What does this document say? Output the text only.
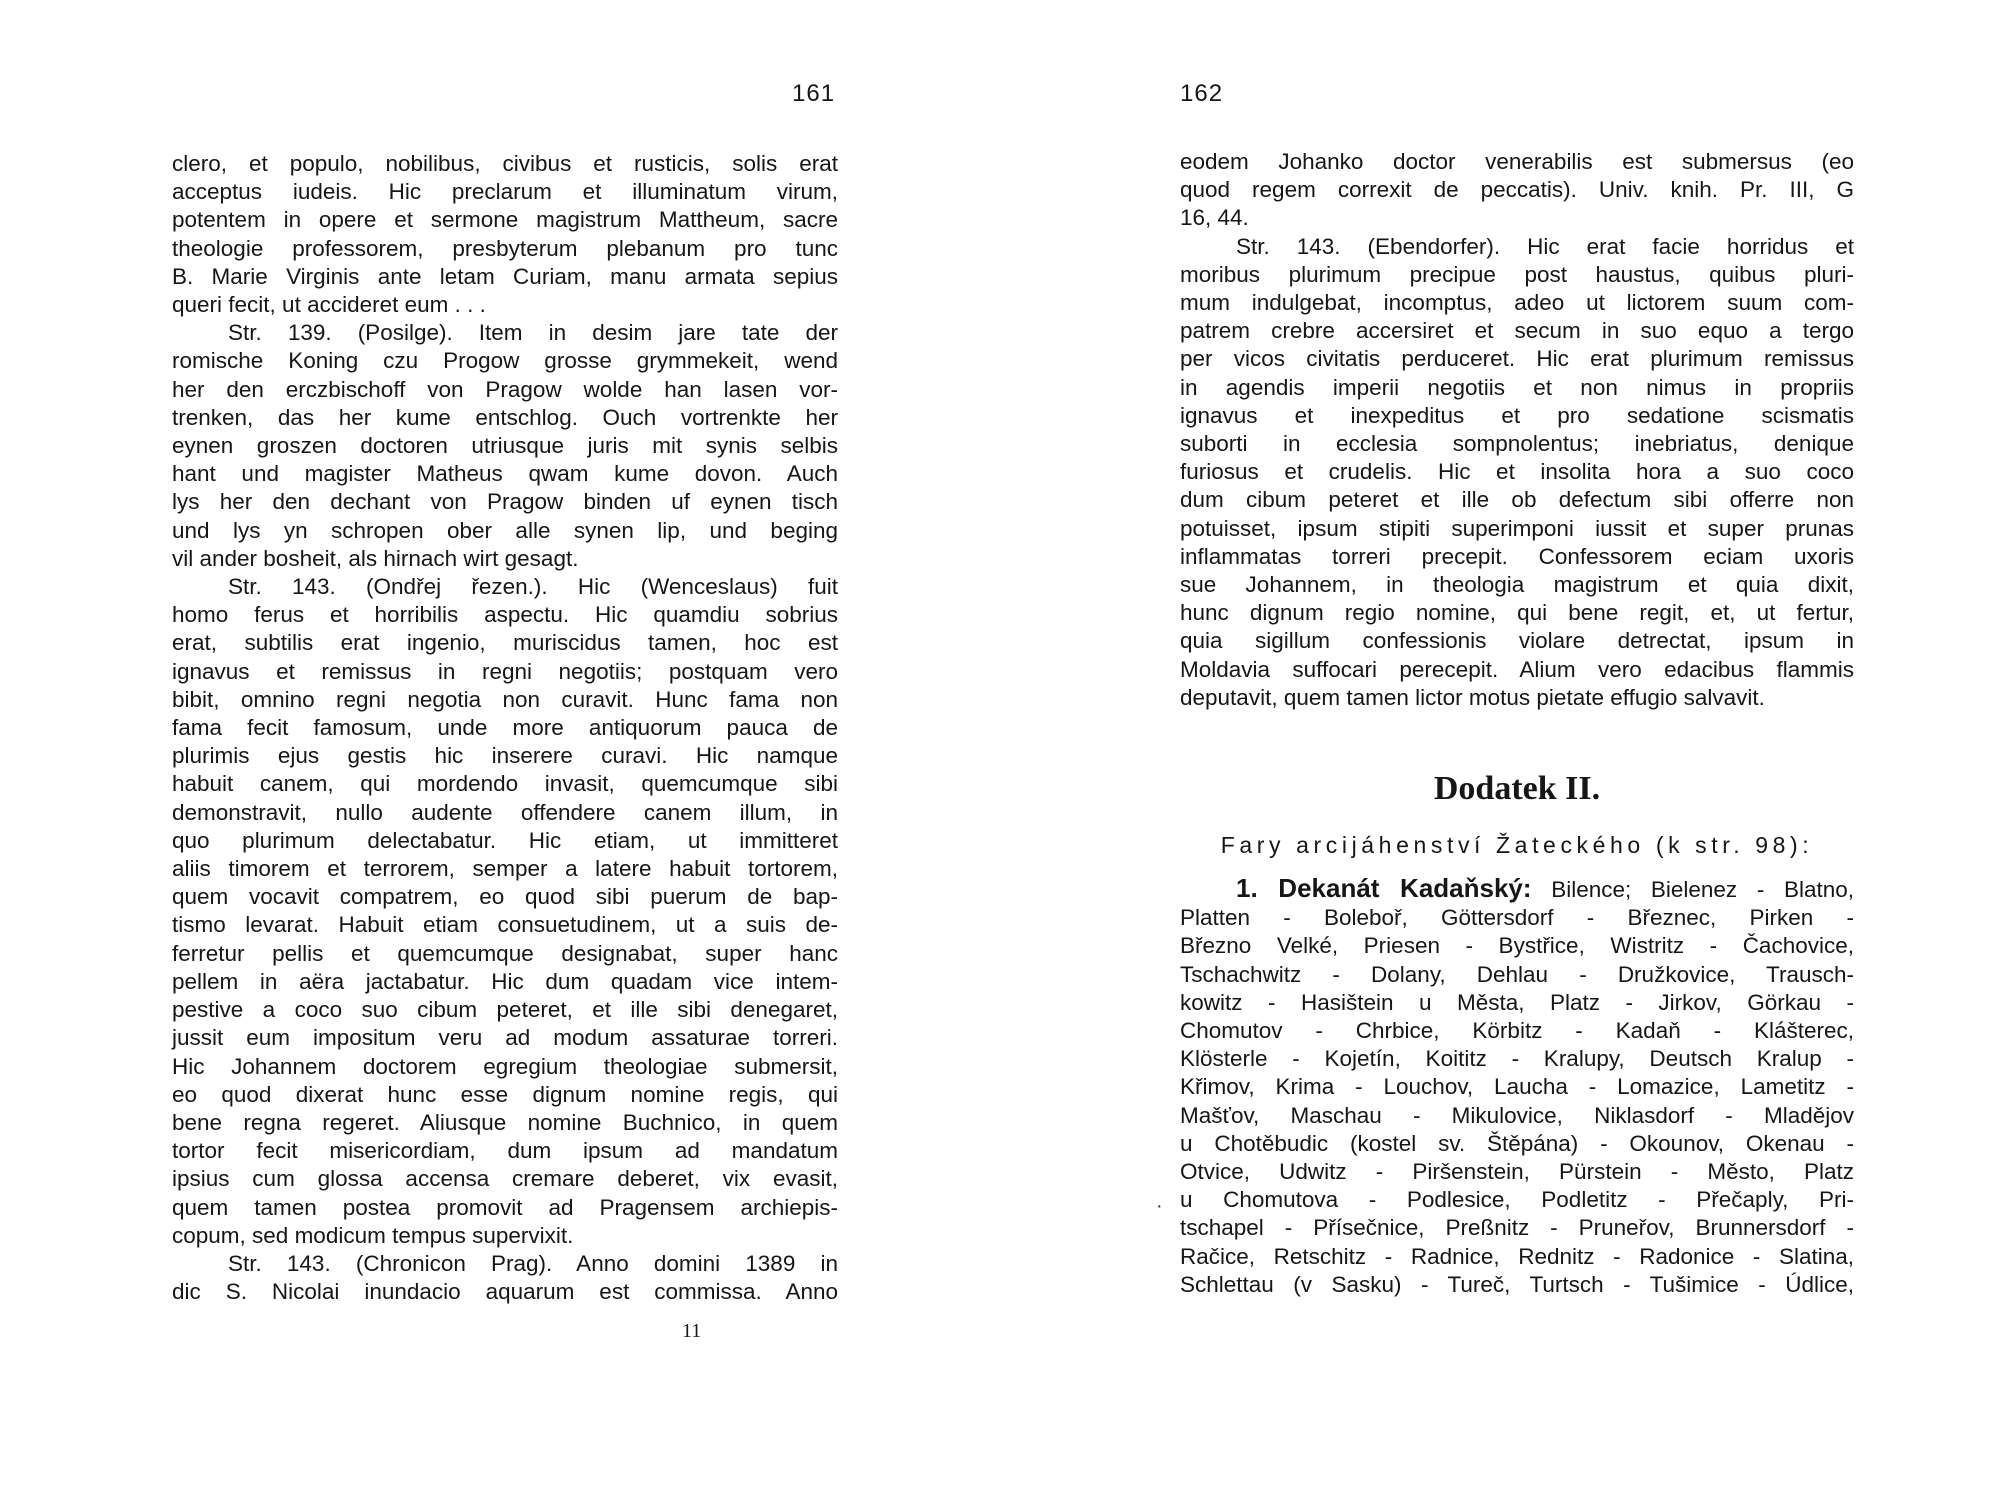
161
clero, et populo, nobilibus, civibus et rusticis, solis erat
acceptus iudeis. Hic preclarum et illuminatum virum,
potentem in opere et sermone magistrum Mattheum, sacre
theologie professorem, presbyterum plebanum pro tunc
B. Marie Virginis ante letam Curiam, manu armata sepius
queri fecit, ut accideret eum . . .
Str. 139. (Posilge). Item in desim jare tate der
romische Koning czu Progow grosse grymmekeit, wend
her den erczbischoff von Pragow wolde han lasen vor-
trenken, das her kume entschlog. Ouch vortrenkte her
eynen groszen doctoren utriusque juris mit synis selbis
hant und magister Matheus qwam kume dovon. Auch
lys her den dechant von Pragow binden uf eynen tisch
und lys yn schropen ober alle synen lip, und beging
vil ander bosheit, als hirnach wirt gesagt.
Str. 143. (Ondřej řezen.). Hic (Wenceslaus) fuit
homo ferus et horribilis aspectu. Hic quamdiu sobrius
erat, subtilis erat ingenio, muriscidus tamen, hoc est
ignavus et remissus in regni negotiis; postquam vero
bibit, omnino regni negotia non curavit. Hunc fama non
fama fecit famosum, unde more antiquorum pauca de
plurimis ejus gestis hic inserere curavi. Hic namque
habuit canem, qui mordendo invasit, quemcumque sibi
demonstravit, nullo audente offendere canem illum, in
quo plurimum delectabatur. Hic etiam, ut immitteret
aliis timorem et terrorem, semper a latere habuit tortorem,
quem vocavit compatrem, eo quod sibi puerum de bap-
tismo levarat. Habuit etiam consuetudinem, ut a suis de-
ferretur pellis et quemcumque designabat, super hanc
pellem in aëra jactabatur. Hic dum quadam vice intem-
pestive a coco suo cibum peteret, et ille sibi denegaret,
jussit eum impositum veru ad modum assaturae torreri.
Hic Johannem doctorem egregium theologiae submersit,
eo quod dixerat hunc esse dignum nomine regis, qui
bene regna regeret. Aliusque nomine Buchnico, in quem
tortor fecit misericordiam, dum ipsum ad mandatum
ipsius cum glossa accensa cremare deberet, vix evasit,
quem tamen postea promovit ad Pragensem archiepis-
copum, sed modicum tempus supervixit.
Str. 143. (Chronicon Prag). Anno domini 1389 in
dic S. Nicolai inundacio aquarum est commissa. Anno
11
162
eodem Johanko doctor venerabilis est submersus (eo
quod regem correxit de peccatis). Univ. knih. Pr. III, G
16, 44.
Str. 143. (Ebendorfer). Hic erat facie horridus et
moribus plurimum precipue post haustus, quibus pluri-
mum indulgebat, incomptus, adeo ut lictorem suum com-
patrem crebre accersiret et secum in suo equo a tergo
per vicos civitatis perduceret. Hic erat plurimum remissus
in agendis imperii negotiis et non nimus in propriis
ignavus et inexpeditus et pro sedatione scismatis
suborti in ecclesia sompnolentus; inebriatus, denique
furiosus et crudelis. Hic et insolita hora a suo coco
dum cibum peteret et ille ob defectum sibi offerre non
potuisset, ipsum stipiti superimponi iussit et super prunas
inflammatas torreri precepit. Confessorem eciam uxoris
sue Johannem, in theologia magistrum et quia dixit,
hunc dignum regio nomine, qui bene regit, et, ut fertur,
quia sigillum confessionis violare detrectat, ipsum in
Moldavia suffocari perecepit. Alium vero edacibus flammis
deputavit, quem tamen lictor motus pietate effugio salvavit.
Dodatek II.
Fary arcijáhenství Žateckého (k str. 98):
1. Dekanát Kadaňský: Bilence; Bielenez - Blatno,
Platten - Boleboř, Göttersdorf - Březnec, Pirken -
Březno Velké, Priesen - Bystřice, Wistritz - Čachovice,
Tschachwitz - Dolany, Dehlau - Družkovice, Trausch-
kowitz - Hasištein u Města, Platz - Jirkov, Görkau -
Chomutov - Chrbice, Körbitz - Kadaň - Klášterec,
Klösterle - Kojetín, Koititz - Kralupy, Deutsch Kralup -
Křimov, Krima - Louchov, Laucha - Lomazice, Lametitz -
Mašťov, Maschau - Mikulovice, Niklasdorf - Mladějov
u Chotěbudic (kostel sv. Štěpána) - Okounov, Okenau -
Otvice, Udwitz - Piršenstein, Pürstein - Město, Platz
u Chomutova - Podlesice, Podletitz - Přečaply, Pri-
tschapel - Přísečnice, Preßnitz - Pruneřov, Brunnersdorf -
Račice, Retschitz - Radnice, Rednitz - Radonice - Slatina,
Schlettau (v Sasku) - Tureč, Turtsch - Tušimice - Údlice,
·
